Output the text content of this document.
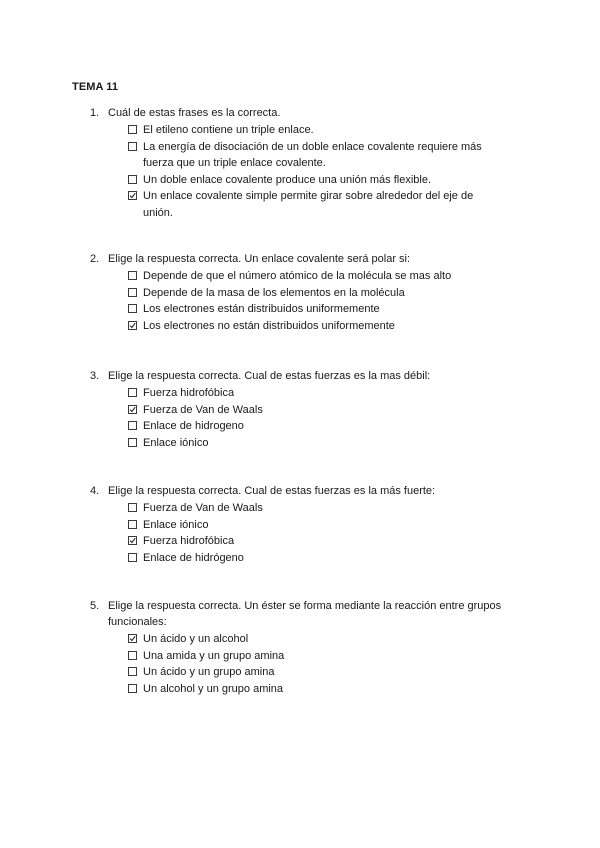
TEMA 11
1. Cuál de estas frases es la correcta.
El etileno contiene un triple enlace.
La energía de disociación de un doble enlace covalente requiere más fuerza que un triple enlace covalente.
Un doble enlace covalente produce una unión más flexible.
Un enlace covalente simple permite girar sobre alrededor del eje de unión.
2. Elige la respuesta correcta. Un enlace covalente será polar si:
Depende de que el número atómico de la molécula se mas alto
Depende de la masa de los elementos en la molécula
Los electrones están distribuidos uniformemente
Los electrones no están distribuidos uniformemente
3. Elige la respuesta correcta. Cual de estas fuerzas es la mas débil:
Fuerza hidrofóbica
Fuerza de Van de Waals
Enlace de hidrogeno
Enlace iónico
4. Elige la respuesta correcta. Cual de estas fuerzas es la más fuerte:
Fuerza de Van de Waals
Enlace iónico
Fuerza hidrofóbica
Enlace de hidrógeno
5. Elige la respuesta correcta. Un éster se forma mediante la reacción entre grupos funcionales:
Un ácido y un alcohol
Una amida y un grupo amina
Un ácido y un grupo amina
Un alcohol y un grupo amina
